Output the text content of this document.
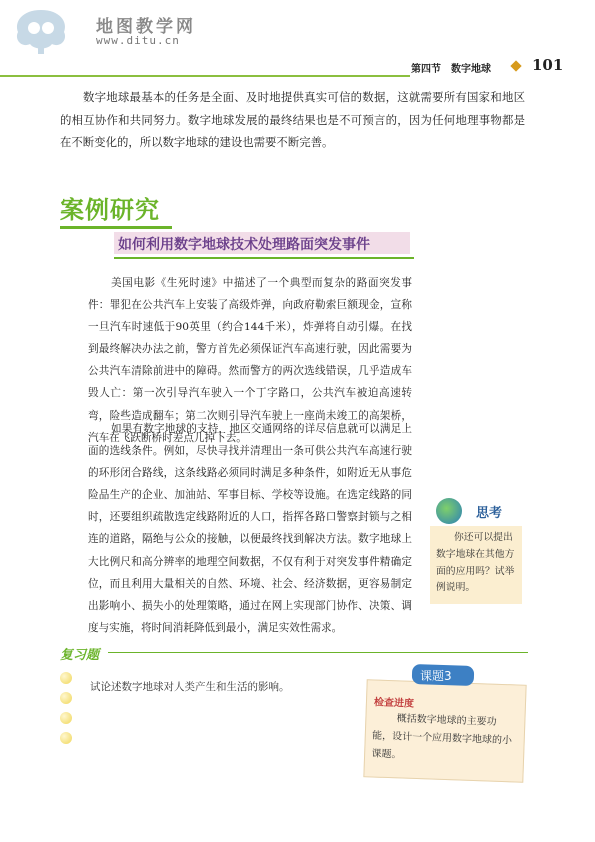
地图教学网
www.ditu.cn
第四节　数字地球	101
数字地球最基本的任务是全面、及时地提供真实可信的数据，这就需要所有国家和地区的相互协作和共同努力。数字地球发展的最终结果也是不可预言的，因为任何地理事物都是在不断变化的，所以数字地球的建设也需要不断完善。
案例研究
如何利用数字地球技术处理路面突发事件
美国电影《生死时速》中描述了一个典型而复杂的路面突发事件：罪犯在公共汽车上安装了高级炸弹，向政府勒索巨额现金，宣称一旦汽车时速低于90英里（约合144千米），炸弹将自动引爆。在找到最终解决办法之前，警方首先必须保证汽车高速行驶，因此需要为公共汽车清除前进中的障碍。然而警方的两次选线错误，几乎造成车毁人亡：第一次引导汽车驶入一个丁字路口，公共汽车被迫高速转弯，险些造成翻车；第二次则引导汽车驶上一座尚未竣工的高架桥，汽车在飞跃断桥时差点儿掉下去。
如果有数字地球的支持，地区交通网络的详尽信息就可以满足上面的选线条件。例如，尽快寻找并清理出一条可供公共汽车高速行驶的环形闭合路线，这条线路必须同时满足多种条件，如附近无从事危险品生产的企业、加油站、军事目标、学校等设施。在选定线路的同时，还要组织疏散选定线路附近的人口，指挥各路口警察封锁与之相连的道路，隔绝与公众的接触，以便最终找到解决方法。数字地球上大比例尺和高分辨率的地理空间数据，不仅有利于对突发事件精确定位，而且利用大量相关的自然、环境、社会、经济数据，更容易制定出影响小、损失小的处理策略，通过在网上实现部门协作、决策、调度与实施，将时间消耗降低到最小，满足实效性需求。
思考
你还可以提出数字地球在其他方面的应用吗？试举例说明。
复习题
试论述数字地球对人类产生和生活的影响。
课题3
检查进度
概括数字地球的主要功能，设计一个应用数字地球的小课题。
